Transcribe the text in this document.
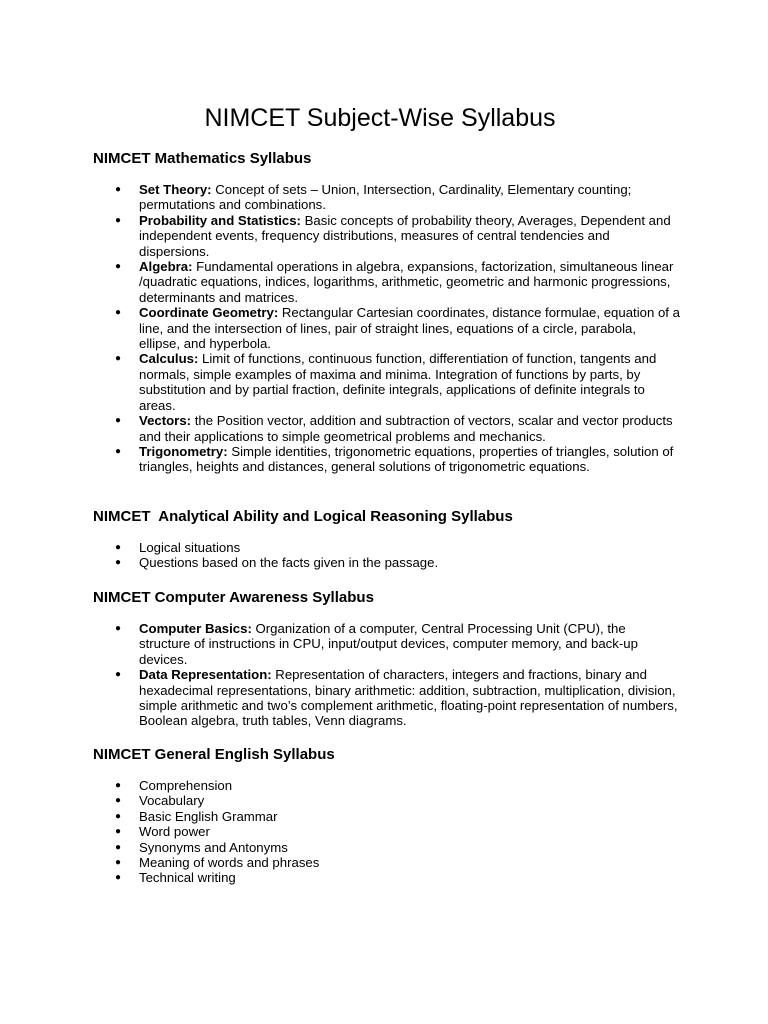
NIMCET Subject-Wise Syllabus
NIMCET Mathematics Syllabus
● Set Theory: Concept of sets – Union, Intersection, Cardinality, Elementary counting; permutations and combinations.
● Probability and Statistics: Basic concepts of probability theory, Averages, Dependent and independent events, frequency distributions, measures of central tendencies and dispersions.
● Algebra: Fundamental operations in algebra, expansions, factorization, simultaneous linear /quadratic equations, indices, logarithms, arithmetic, geometric and harmonic progressions, determinants and matrices.
● Coordinate Geometry: Rectangular Cartesian coordinates, distance formulae, equation of a line, and the intersection of lines, pair of straight lines, equations of a circle, parabola, ellipse, and hyperbola.
● Calculus: Limit of functions, continuous function, differentiation of function, tangents and normals, simple examples of maxima and minima. Integration of functions by parts, by substitution and by partial fraction, definite integrals, applications of definite integrals to areas.
● Vectors: the Position vector, addition and subtraction of vectors, scalar and vector products and their applications to simple geometrical problems and mechanics.
● Trigonometry: Simple identities, trigonometric equations, properties of triangles, solution of triangles, heights and distances, general solutions of trigonometric equations.
NIMCET  Analytical Ability and Logical Reasoning Syllabus
● Logical situations
● Questions based on the facts given in the passage.
NIMCET Computer Awareness Syllabus
● Computer Basics: Organization of a computer, Central Processing Unit (CPU), the structure of instructions in CPU, input/output devices, computer memory, and back-up devices.
● Data Representation: Representation of characters, integers and fractions, binary and hexadecimal representations, binary arithmetic: addition, subtraction, multiplication, division, simple arithmetic and two’s complement arithmetic, floating-point representation of numbers, Boolean algebra, truth tables, Venn diagrams.
NIMCET General English Syllabus
● Comprehension
● Vocabulary
● Basic English Grammar
● Word power
● Synonyms and Antonyms
● Meaning of words and phrases
● Technical writing
